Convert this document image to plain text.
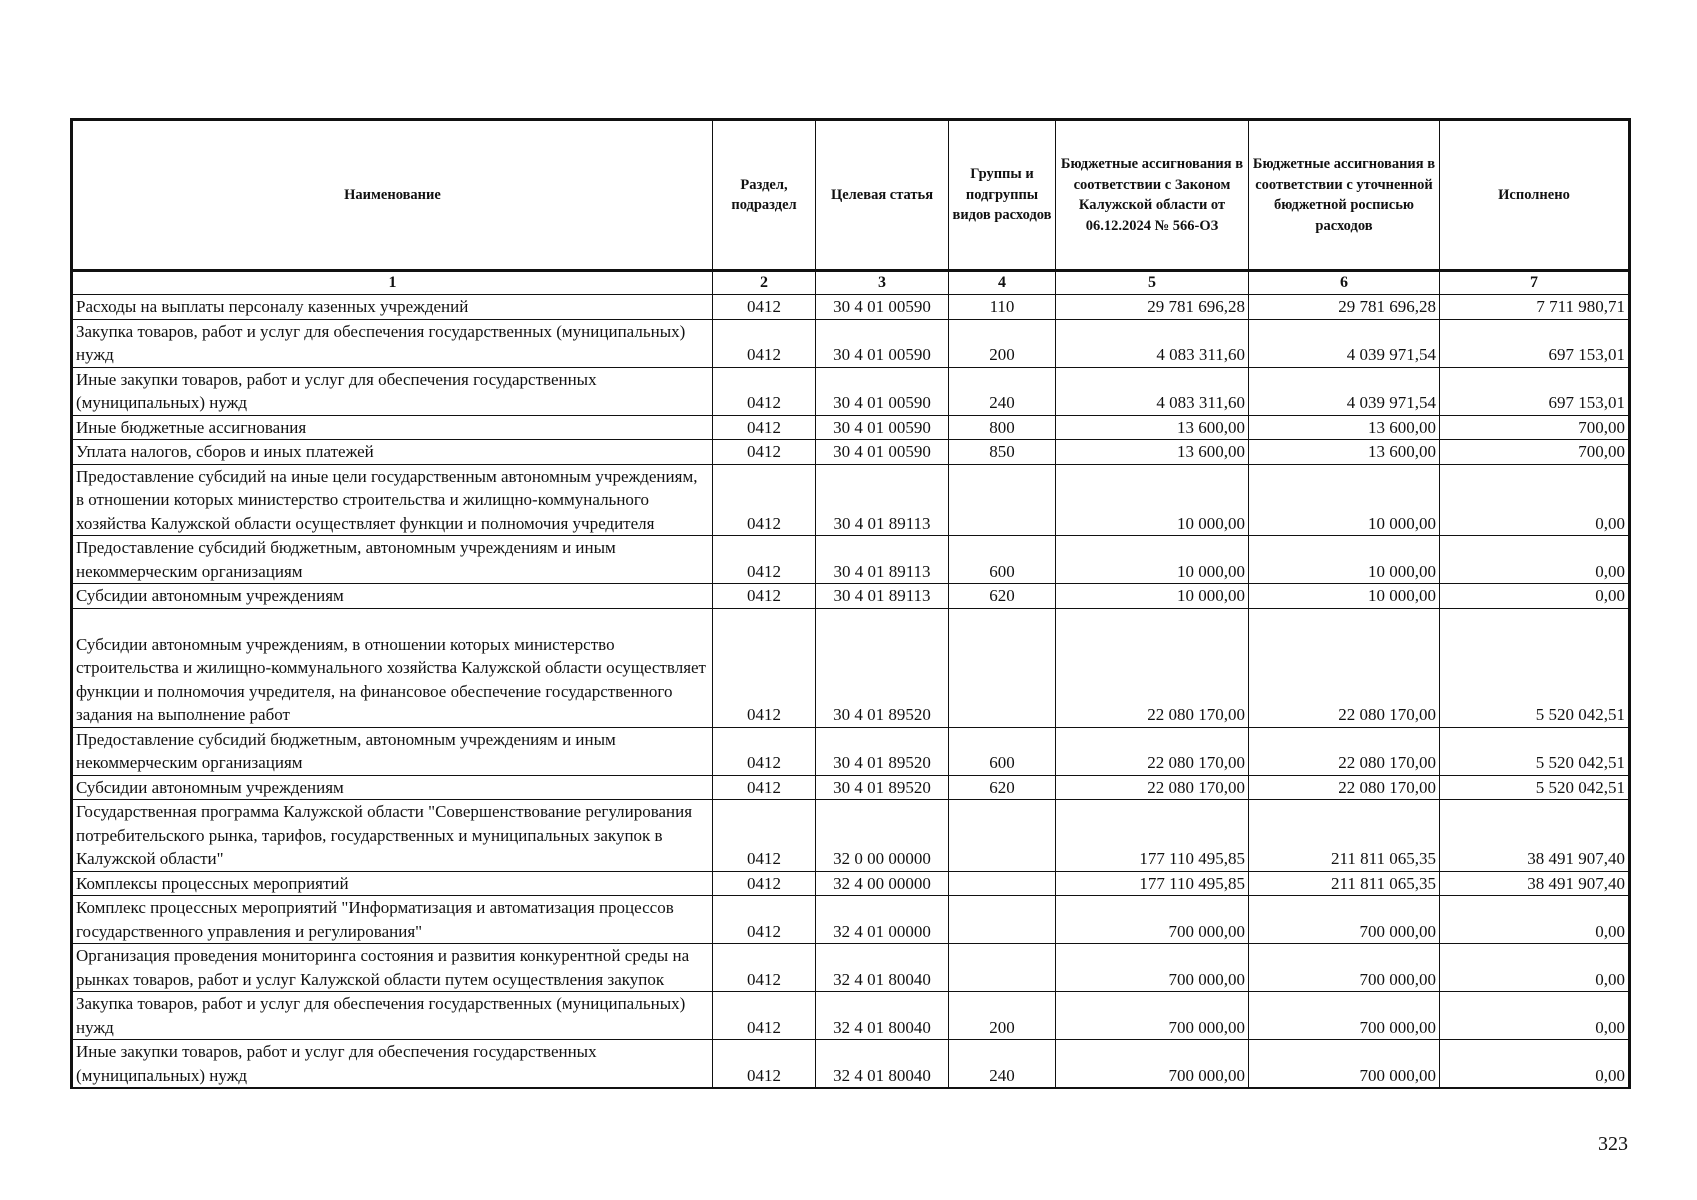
Наименование	Раздел, подраздел	Целевая статья	Группы и подгруппы видов расходов	Бюджетные ассигнования в соответствии с Законом Калужской области от 06.12.2024 № 566-ОЗ	Бюджетные ассигнования в соответствии с уточненной бюджетной росписью расходов	Исполнено
1	2	3	4	5	6	7
Расходы на выплаты персоналу казенных учреждений	0412	30 4 01 00590	110	29 781 696,28	29 781 696,28	7 711 980,71
Закупка товаров, работ и услуг для обеспечения государственных (муниципальных) нужд	0412	30 4 01 00590	200	4 083 311,60	4 039 971,54	697 153,01
Иные закупки товаров, работ и услуг для обеспечения государственных (муниципальных) нужд	0412	30 4 01 00590	240	4 083 311,60	4 039 971,54	697 153,01
Иные бюджетные ассигнования	0412	30 4 01 00590	800	13 600,00	13 600,00	700,00
Уплата налогов, сборов и иных платежей	0412	30 4 01 00590	850	13 600,00	13 600,00	700,00
Предоставление субсидий на иные цели государственным автономным учреждениям, в отношении которых министерство строительства и жилищно-коммунального хозяйства Калужской области осуществляет функции и полномочия учредителя	0412	30 4 01 89113		10 000,00	10 000,00	0,00
Предоставление субсидий бюджетным, автономным учреждениям и иным некоммерческим организациям	0412	30 4 01 89113	600	10 000,00	10 000,00	0,00
Субсидии автономным учреждениям	0412	30 4 01 89113	620	10 000,00	10 000,00	0,00
Субсидии автономным учреждениям, в отношении которых министерство строительства и жилищно-коммунального хозяйства Калужской области осуществляет функции и полномочия учредителя, на финансовое обеспечение государственного задания на выполнение работ	0412	30 4 01 89520		22 080 170,00	22 080 170,00	5 520 042,51
Предоставление субсидий бюджетным, автономным учреждениям и иным некоммерческим организациям	0412	30 4 01 89520	600	22 080 170,00	22 080 170,00	5 520 042,51
Субсидии автономным учреждениям	0412	30 4 01 89520	620	22 080 170,00	22 080 170,00	5 520 042,51
Государственная программа Калужской области "Совершенствование регулирования потребительского рынка, тарифов, государственных и муниципальных закупок в Калужской области"	0412	32 0 00 00000		177 110 495,85	211 811 065,35	38 491 907,40
Комплексы процессных мероприятий	0412	32 4 00 00000		177 110 495,85	211 811 065,35	38 491 907,40
Комплекс процессных мероприятий "Информатизация и автоматизация процессов государственного управления и регулирования"	0412	32 4 01 00000		700 000,00	700 000,00	0,00
Организация проведения мониторинга состояния и развития конкурентной среды на рынках товаров, работ и услуг Калужской области путем осуществления закупок	0412	32 4 01 80040		700 000,00	700 000,00	0,00
Закупка товаров, работ и услуг для обеспечения государственных (муниципальных) нужд	0412	32 4 01 80040	200	700 000,00	700 000,00	0,00
Иные закупки товаров, работ и услуг для обеспечения государственных (муниципальных) нужд	0412	32 4 01 80040	240	700 000,00	700 000,00	0,00
323
